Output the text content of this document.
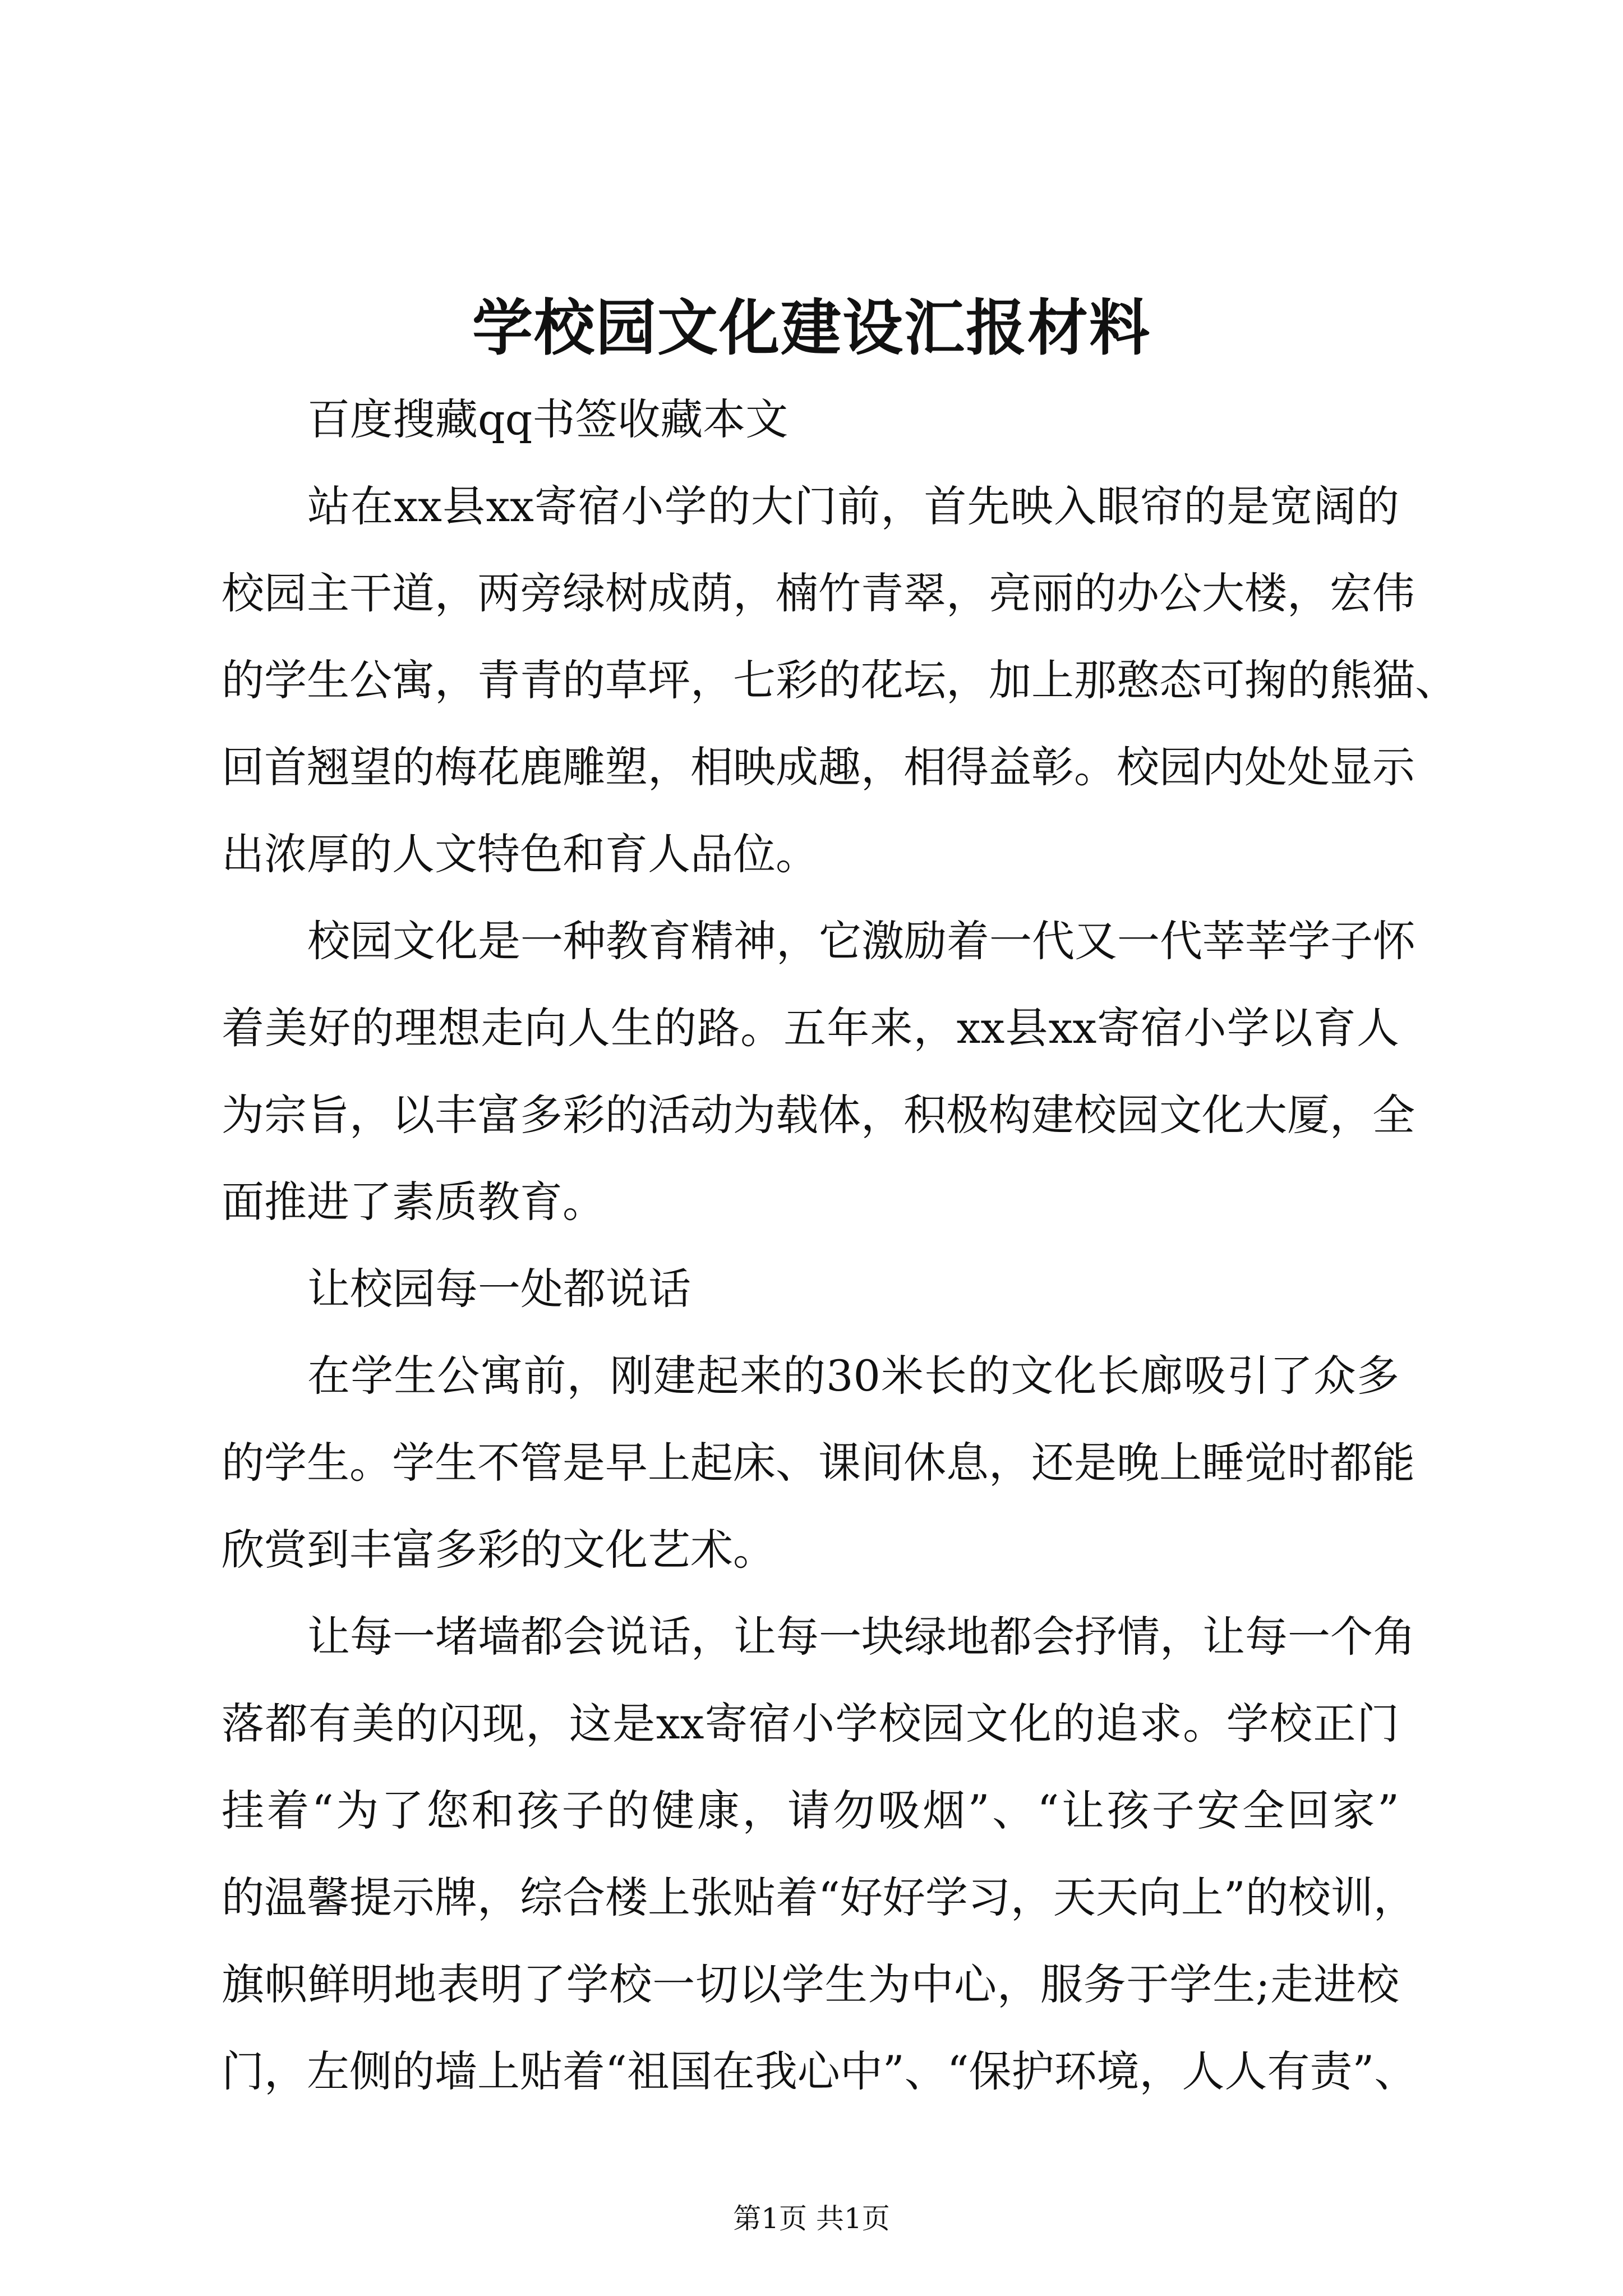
学校园文化建设汇报材料

百度搜藏qq书签收藏本文

站在xx县xx寄宿小学的大门前，首先映入眼帘的是宽阔的

校园主干道，两旁绿树成荫，楠竹青翠，亮丽的办公大楼，宏伟

的学生公寓，青青的草坪，七彩的花坛，加上那憨态可掬的熊猫、

回首翘望的梅花鹿雕塑，相映成趣，相得益彰。校园内处处显示

出浓厚的人文特色和育人品位。

校园文化是一种教育精神，它激励着一代又一代莘莘学子怀

着美好的理想走向人生的路。五年来，xx县xx寄宿小学以育人

为宗旨，以丰富多彩的活动为载体，积极构建校园文化大厦，全

面推进了素质教育。

让校园每一处都说话

在学生公寓前，刚建起来的30米长的文化长廊吸引了众多

的学生。学生不管是早上起床、课间休息，还是晚上睡觉时都能

欣赏到丰富多彩的文化艺术。

让每一堵墙都会说话，让每一块绿地都会抒情，让每一个角

落都有美的闪现，这是xx寄宿小学校园文化的追求。学校正门

挂着“为了您和孩子的健康，请勿吸烟”、“让孩子安全回家”

的温馨提示牌，综合楼上张贴着“好好学习，天天向上”的校训，

旗帜鲜明地表明了学校一切以学生为中心，服务于学生;走进校

门，左侧的墙上贴着“祖国在我心中”、“保护环境，人人有责”、

第1页 共1页
